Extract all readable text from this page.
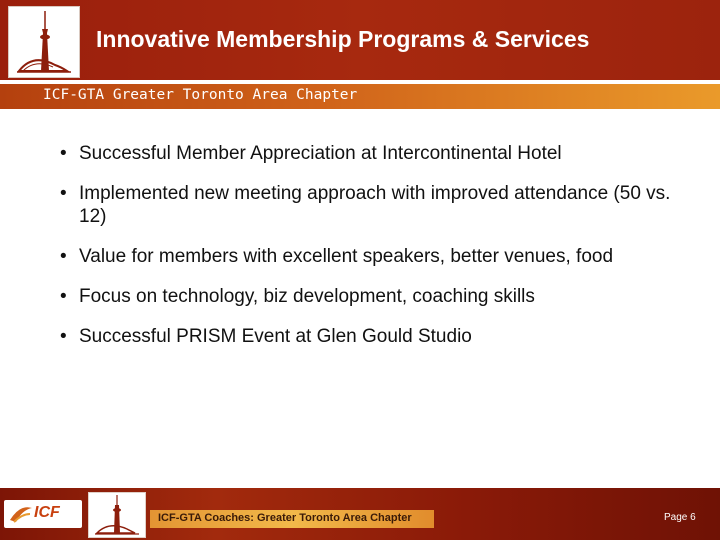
Innovative Membership Programs & Services
ICF-GTA Greater Toronto Area Chapter
• Successful Member Appreciation at Intercontinental Hotel
• Implemented new meeting approach with improved attendance (50 vs. 12)
• Value for members with excellent speakers, better venues, food
• Focus on technology, biz development, coaching skills
• Successful PRISM Event at Glen Gould Studio
ICF	ICF-GTA Coaches: Greater Toronto Area Chapter	Page 6
